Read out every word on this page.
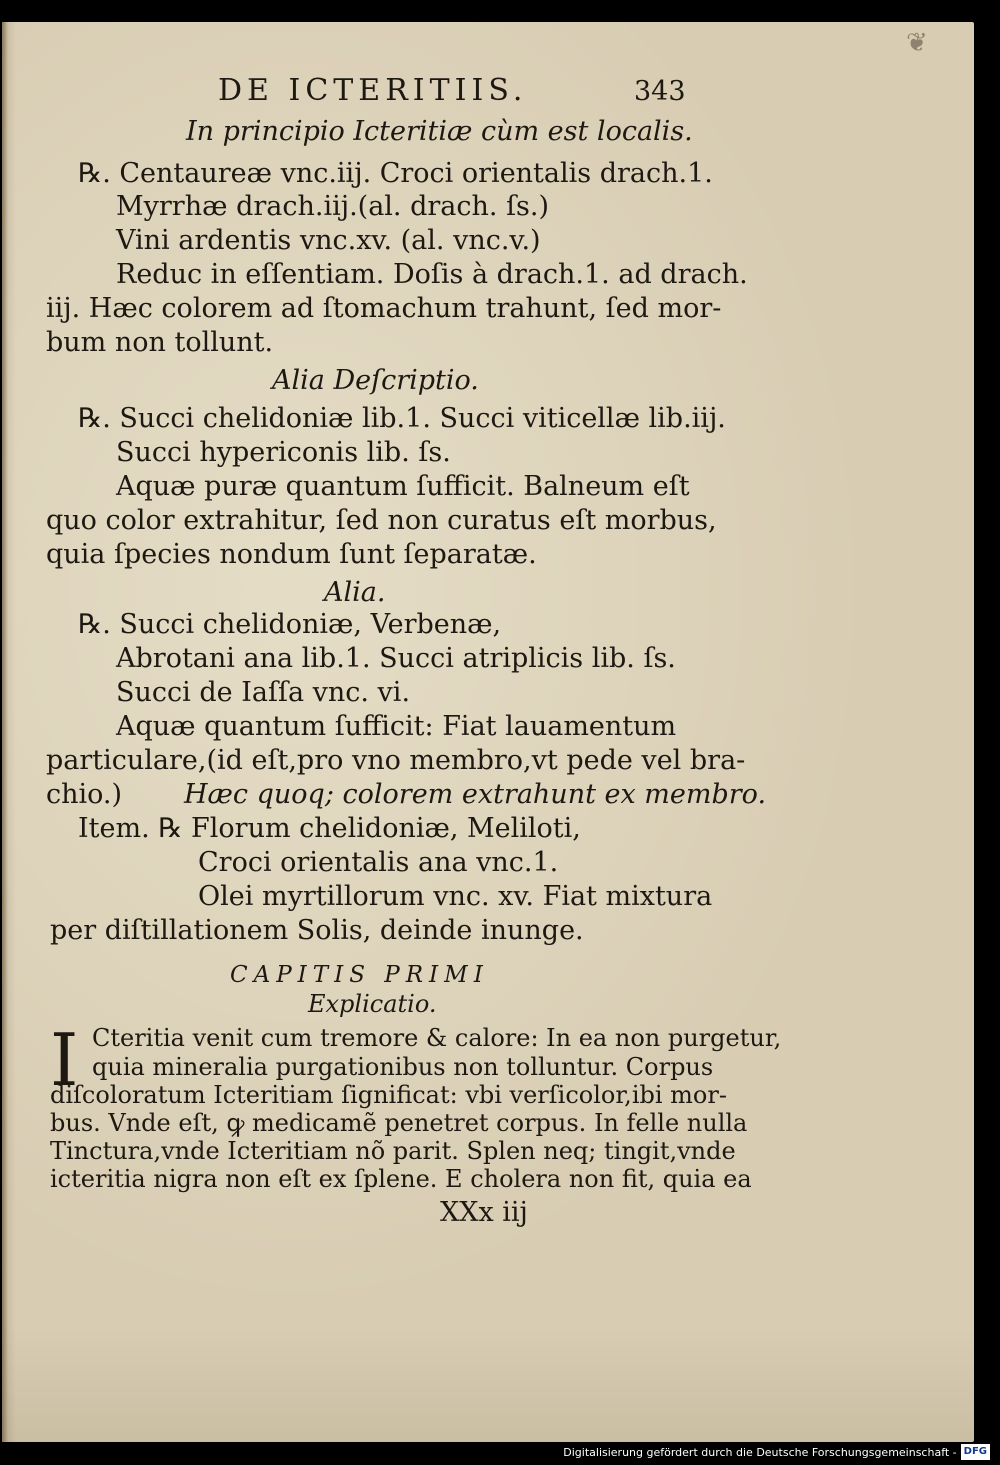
❦
DE ICTERITIIS.	343
In principio Icteritiæ cùm est localis.
℞. Centaureæ vnc.iij. Croci orientalis drach.1.
Myrrhæ drach.iij.(al. drach. ſs.)
Vini ardentis vnc.xv. (al. vnc.v.)
Reduc in eſſentiam. Doſis à drach.1. ad drach.
iij. Hæc colorem ad ſtomachum trahunt, ſed mor-
bum non tollunt.
Alia Deſcriptio.
℞. Succi chelidoniæ lib.1. Succi viticellæ lib.iij.
Succi hypericonis lib. ſs.
Aquæ puræ quantum ſufficit. Balneum eſt
quo color extrahitur, ſed non curatus eſt morbus,
quia ſpecies nondum ſunt ſeparatæ.
Alia.
℞. Succi chelidoniæ, Verbenæ,
Abrotani ana lib.1. Succi atriplicis lib. ſs.
Succi de Iaſſa vnc. vi.
Aquæ quantum ſufficit: Fiat lauamentum
particulare,(id eſt,pro vno membro,vt pede vel bra-
chio.) Hæc quoq; colorem extrahunt ex membro.
Item. ℞ Florum chelidoniæ, Meliloti,
Croci orientalis ana vnc.1.
Olei myrtillorum vnc. xv. Fiat mixtura
per diſtillationem Solis, deinde inunge.
CAPITIS PRIMI
Explicatio.
I Cteritia venit cum tremore & calore: In ea non purgetur,
quia mineralia purgationibus non tolluntur. Corpus
diſcoloratum Icteritiam ſignificat: vbi verſicolor,ibi mor-
bus. Vnde eſt, ꝙ medicamẽ penetret corpus. In felle nulla
Tinctura,vnde Icteritiam nõ parit. Splen neq; tingit,vnde
icteritia nigra non eſt ex ſplene. E cholera non fit, quia ea
XXx iij
Digitalisierung gefördert durch die Deutsche Forschungsgemeinschaft - DFG
